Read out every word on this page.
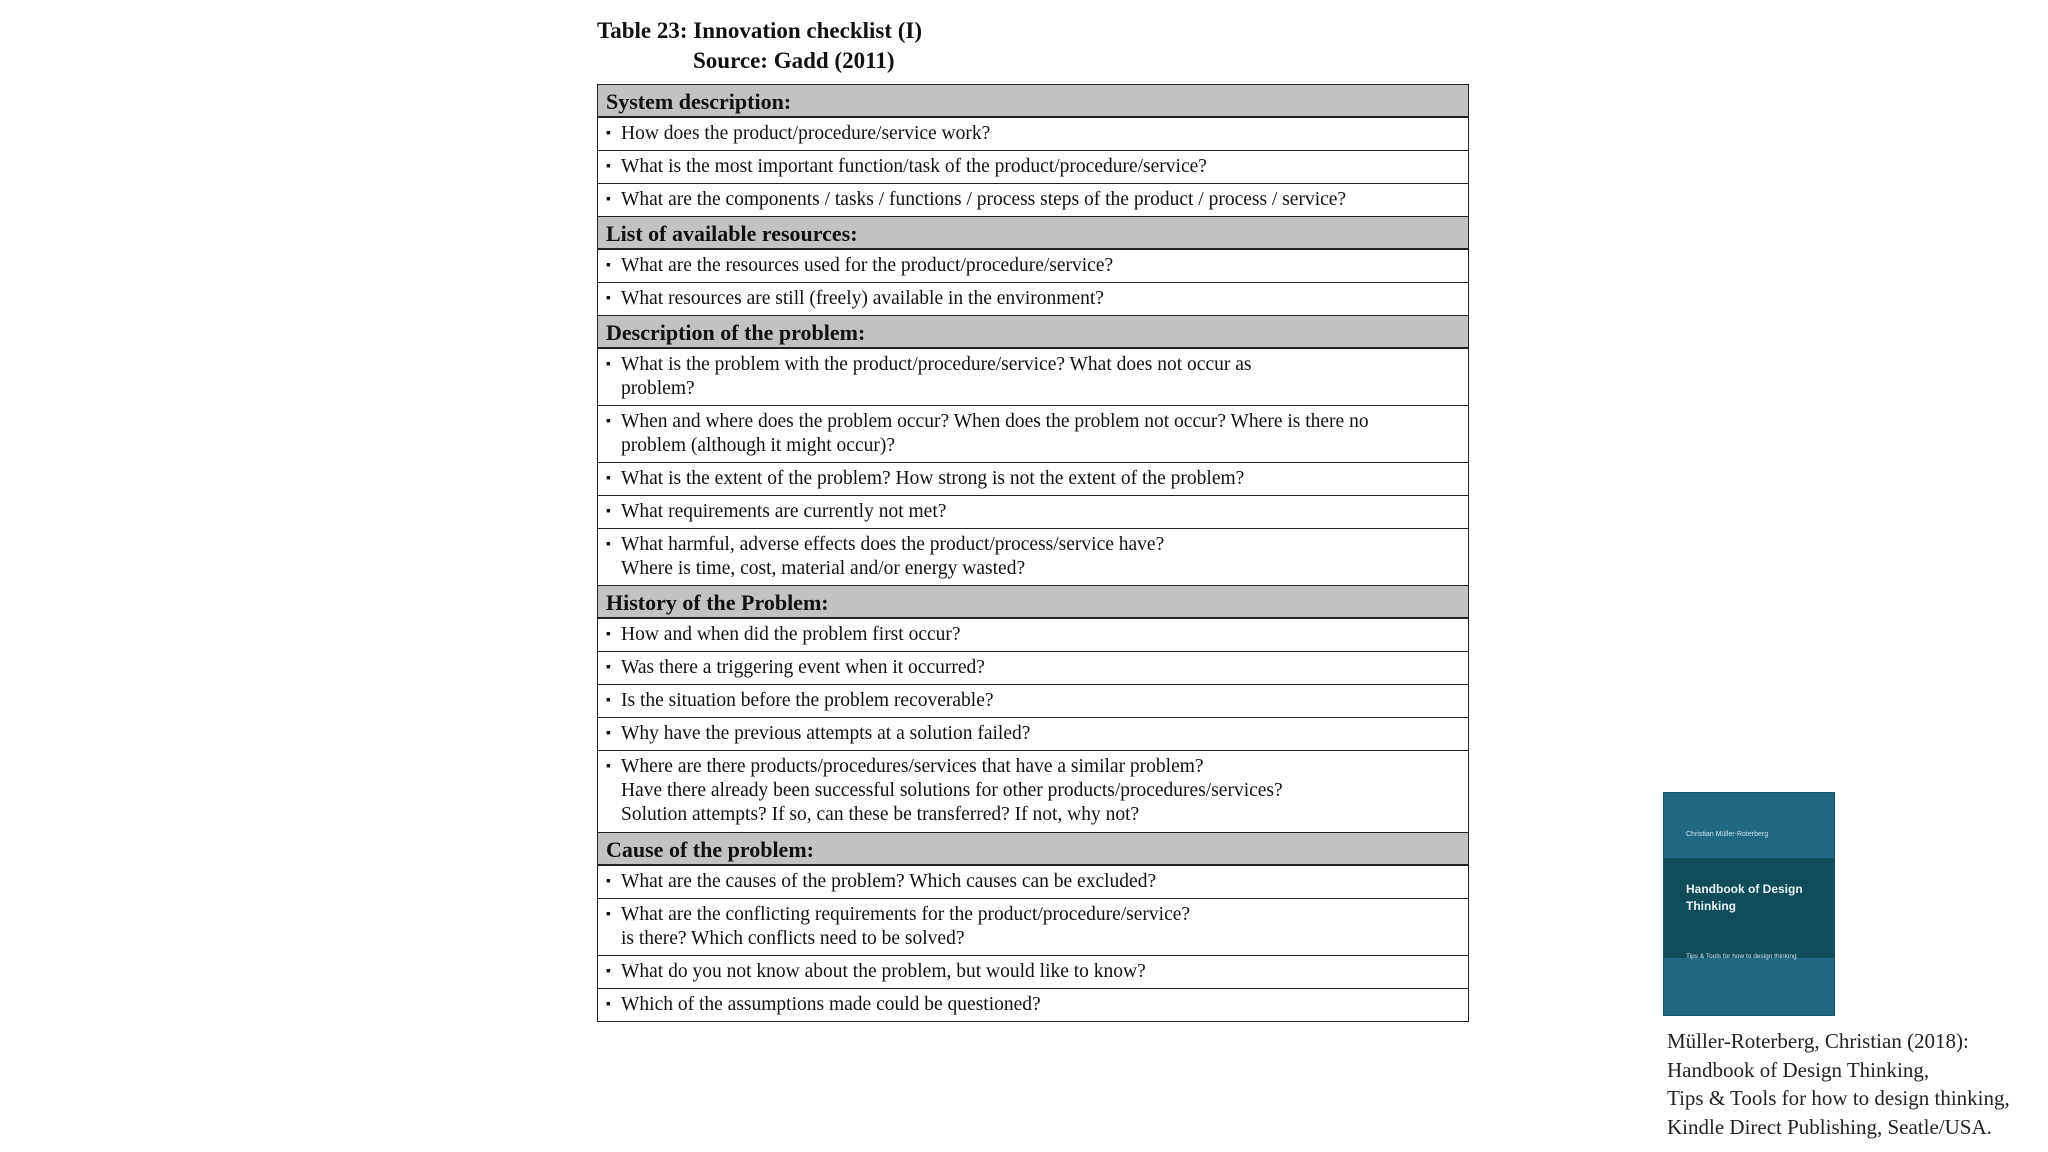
Table 23: Innovation checklist (I)
Source: Gadd (2011)
System description:
▪ How does the product/procedure/service work?
▪ What is the most important function/task of the product/procedure/service?
▪ What are the components / tasks / functions / process steps of the product / process / service?
List of available resources:
▪ What are the resources used for the product/procedure/service?
▪ What resources are still (freely) available in the environment?
Description of the problem:
▪ What is the problem with the product/procedure/service? What does not occur as
problem?
▪ When and where does the problem occur? When does the problem not occur? Where is there no
problem (although it might occur)?
▪ What is the extent of the problem? How strong is not the extent of the problem?
▪ What requirements are currently not met?
▪ What harmful, adverse effects does the product/process/service have?
Where is time, cost, material and/or energy wasted?
History of the Problem:
▪ How and when did the problem first occur?
▪ Was there a triggering event when it occurred?
▪ Is the situation before the problem recoverable?
▪ Why have the previous attempts at a solution failed?
▪ Where are there products/procedures/services that have a similar problem?
Have there already been successful solutions for other products/procedures/services?
Solution attempts? If so, can these be transferred? If not, why not?
Cause of the problem:
▪ What are the causes of the problem? Which causes can be excluded?
▪ What are the conflicting requirements for the product/procedure/service?
is there? Which conflicts need to be solved?
▪ What do you not know about the problem, but would like to know?
▪ Which of the assumptions made could be questioned?
Christian Müller-Roterberg
Handbook of Design Thinking
Tips & Tools for how to design thinking
Müller-Roterberg, Christian (2018):
Handbook of Design Thinking,
Tips & Tools for how to design thinking,
Kindle Direct Publishing, Seatle/USA.
